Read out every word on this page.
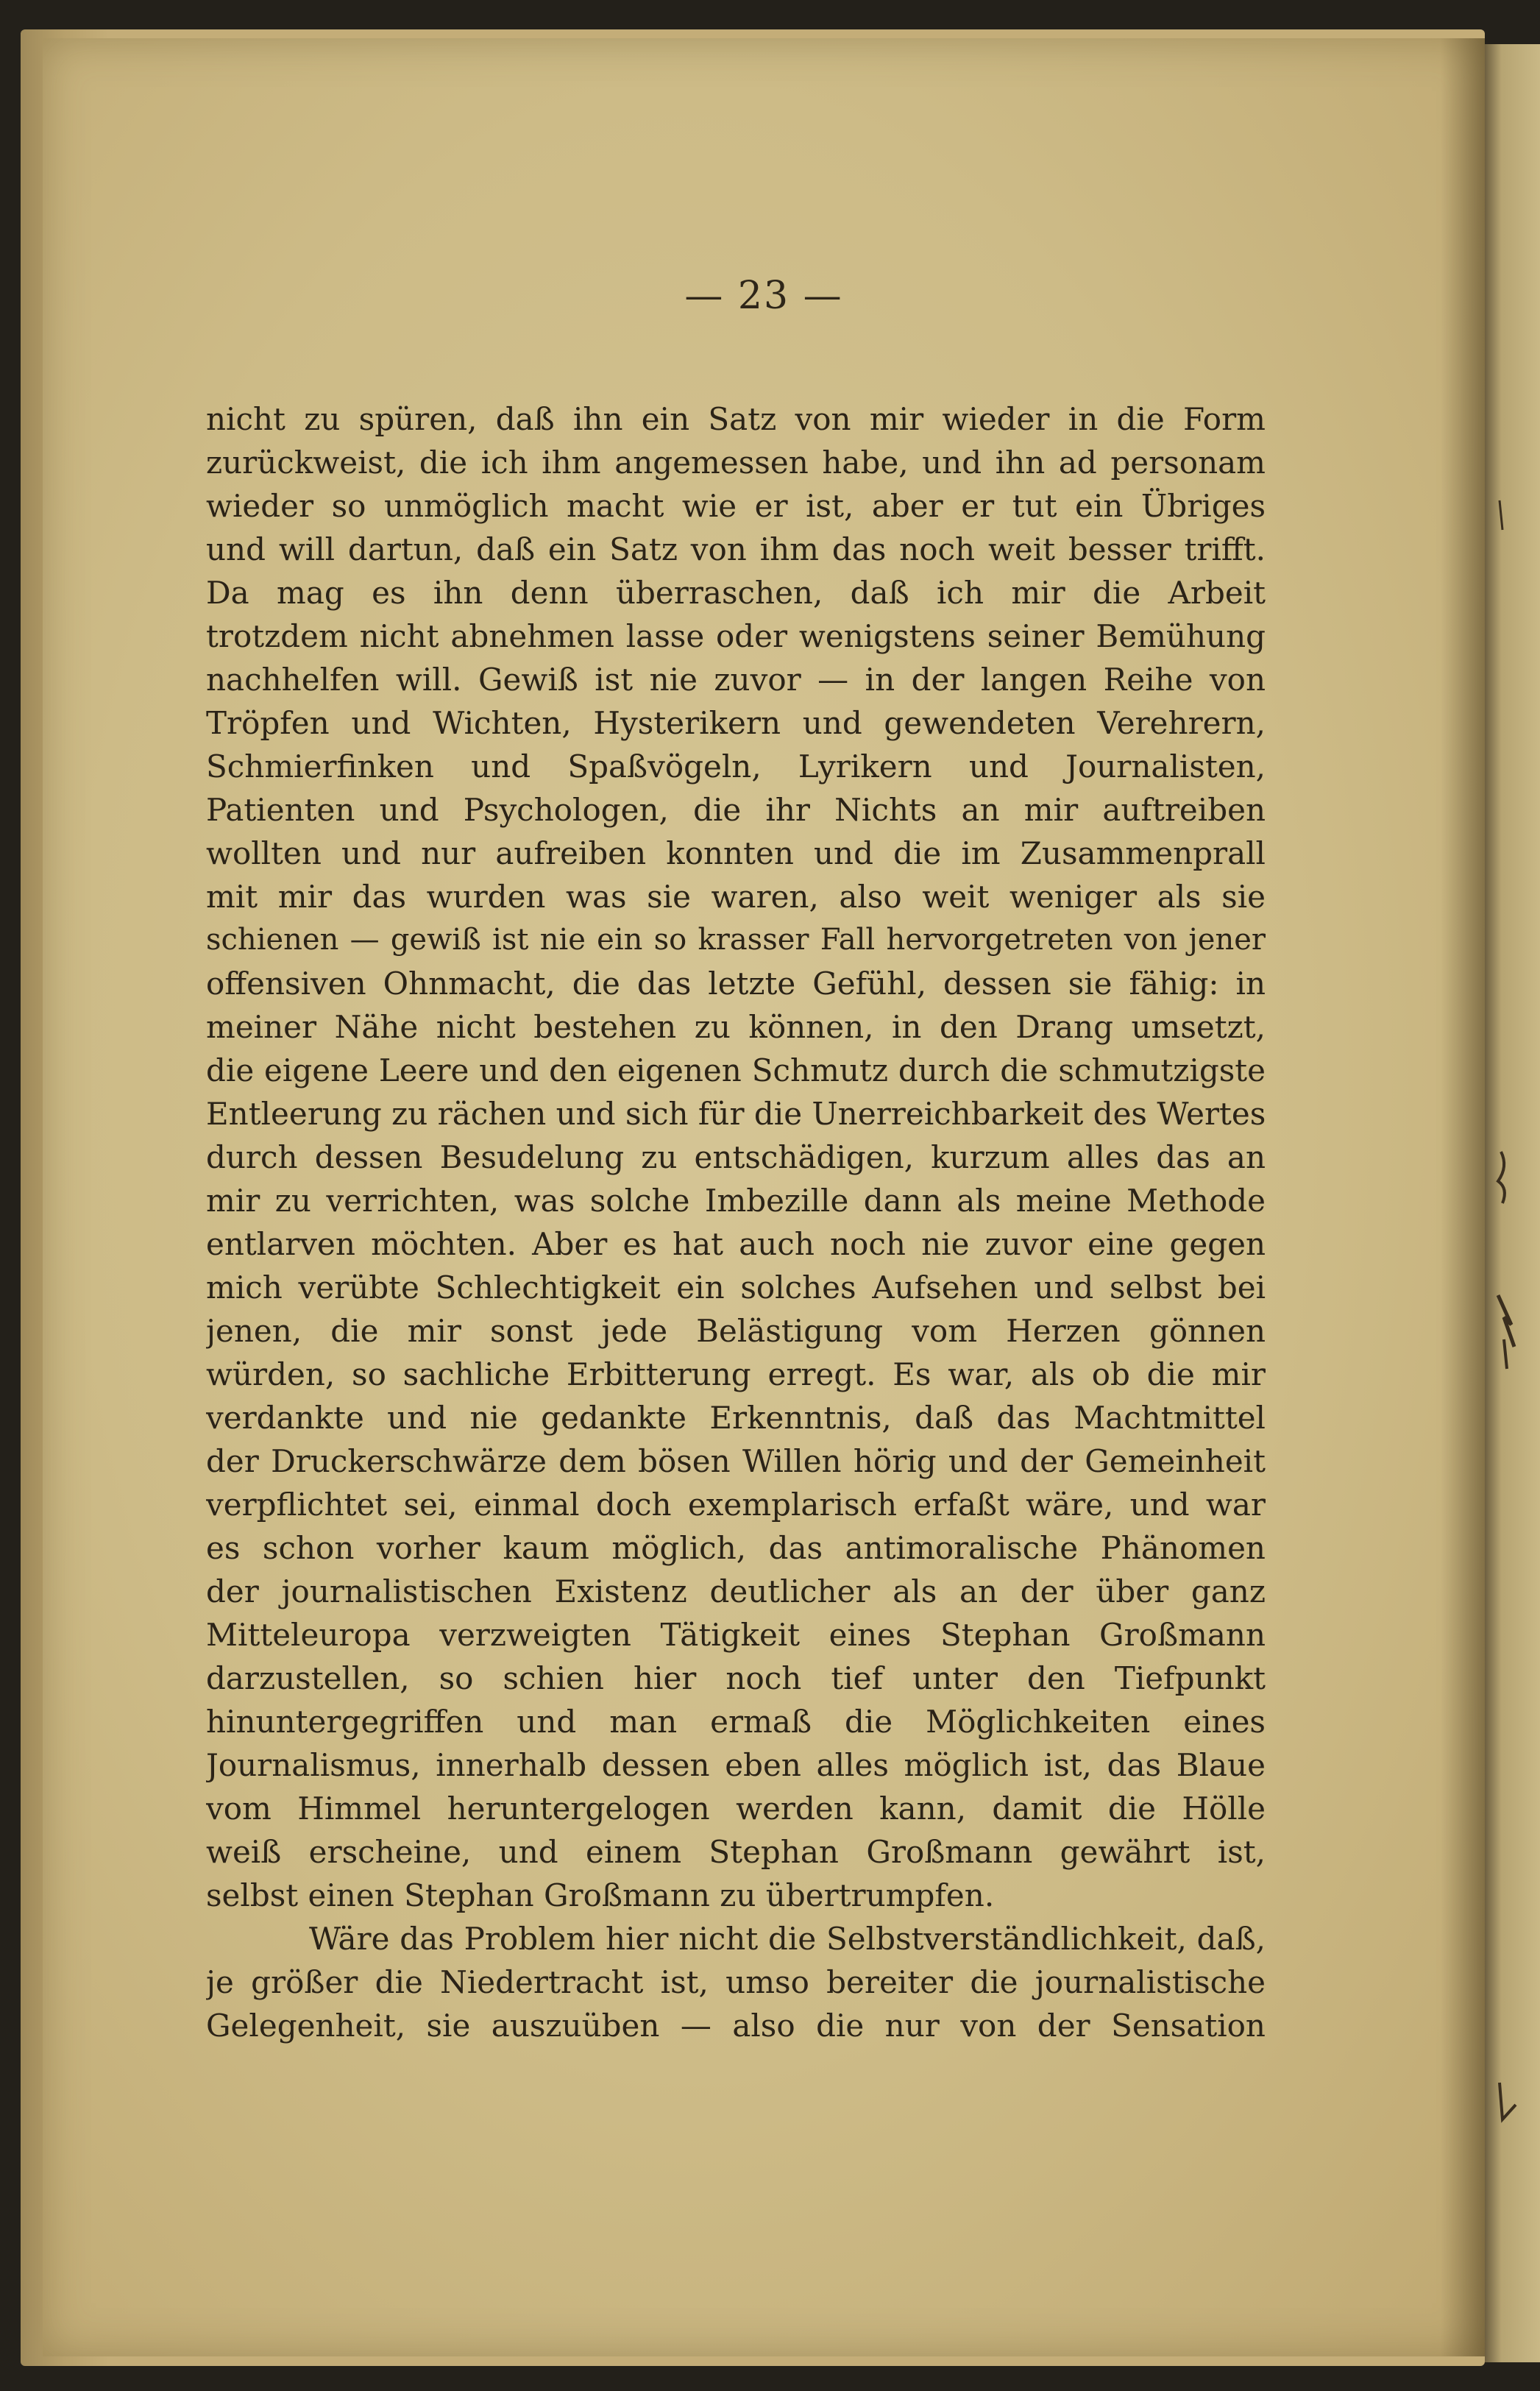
— 23 —
nicht zu spüren, daß ihn ein Satz von mir wieder in die Form
zurückweist, die ich ihm angemessen habe, und ihn ad personam
wieder so unmöglich macht wie er ist, aber er tut ein Übriges
und will dartun, daß ein Satz von ihm das noch weit besser trifft.
Da mag es ihn denn überraschen, daß ich mir die Arbeit
trotzdem nicht abnehmen lasse oder wenigstens seiner Bemühung
nachhelfen will. Gewiß ist nie zuvor — in der langen Reihe von
Tröpfen und Wichten, Hysterikern und gewendeten Verehrern,
Schmierfinken und Spaßvögeln, Lyrikern und Journalisten,
Patienten und Psychologen, die ihr Nichts an mir auftreiben
wollten und nur aufreiben konnten und die im Zusammenprall
mit mir das wurden was sie waren, also weit weniger als sie
schienen — gewiß ist nie ein so krasser Fall hervorgetreten von jener
offensiven Ohnmacht, die das letzte Gefühl, dessen sie fähig: in
meiner Nähe nicht bestehen zu können, in den Drang umsetzt,
die eigene Leere und den eigenen Schmutz durch die schmutzigste
Entleerung zu rächen und sich für die Unerreichbarkeit des Wertes
durch dessen Besudelung zu entschädigen, kurzum alles das an
mir zu verrichten, was solche Imbezille dann als meine Methode
entlarven möchten. Aber es hat auch noch nie zuvor eine gegen
mich verübte Schlechtigkeit ein solches Aufsehen und selbst bei
jenen, die mir sonst jede Belästigung vom Herzen gönnen
würden, so sachliche Erbitterung erregt. Es war, als ob die mir
verdankte und nie gedankte Erkenntnis, daß das Machtmittel
der Druckerschwärze dem bösen Willen hörig und der Gemeinheit
verpflichtet sei, einmal doch exemplarisch erfaßt wäre, und war
es schon vorher kaum möglich, das antimoralische Phänomen
der journalistischen Existenz deutlicher als an der über ganz
Mitteleuropa verzweigten Tätigkeit eines Stephan Großmann
darzustellen, so schien hier noch tief unter den Tiefpunkt
hinuntergegriffen und man ermaß die Möglichkeiten eines
Journalismus, innerhalb dessen eben alles möglich ist, das Blaue
vom Himmel heruntergelogen werden kann, damit die Hölle
weiß erscheine, und einem Stephan Großmann gewährt ist,
selbst einen Stephan Großmann zu übertrumpfen.
Wäre das Problem hier nicht die Selbstverständlichkeit, daß,
je größer die Niedertracht ist, umso bereiter die journalistische
Gelegenheit, sie auszuüben — also die nur von der Sensation
